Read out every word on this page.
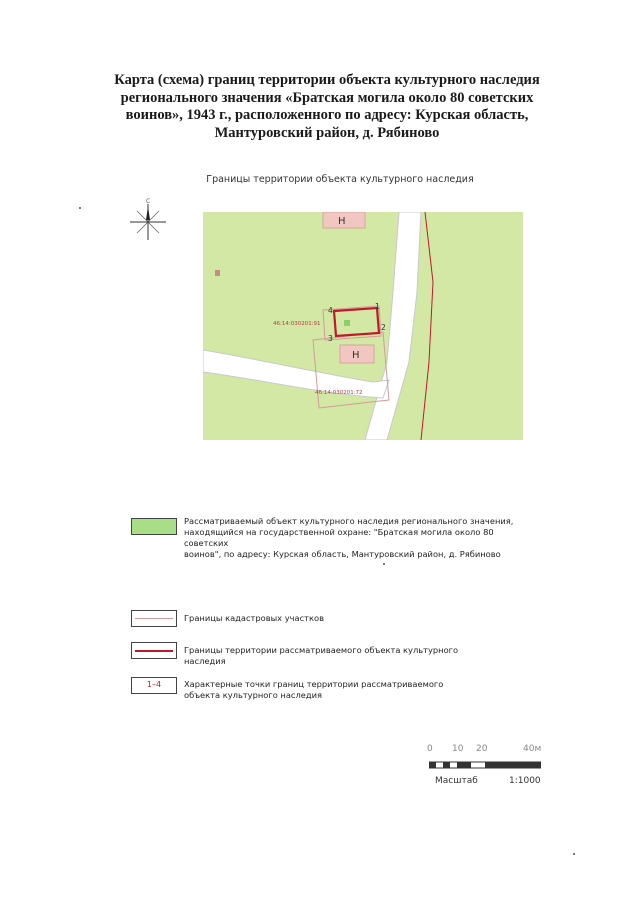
Карта (схема) границ территории объекта культурного наследия
регионального значения «Братская могила около 80 советских
воинов», 1943 г., расположенного по адресу: Курская область,
Мантуровский район, д. Рябиново
Границы территории объекта культурного наследия
С
Н
Н
4	1
2
3
46:14:030201:91
46:14:030201:72
Рассматриваемый объект культурного наследия регионального значения,
находящийся на государственной охране: "Братская могила около 80 советских
воинов", по адресу: Курская область, Мантуровский район, д. Рябиново
Границы кадастровых участков
Границы территории рассматриваемого объекта культурного
наследия
1–4	Характерные точки границ территории рассматриваемого
объекта культурного наследия
0 10 20	40м
Масштаб	1:1000
